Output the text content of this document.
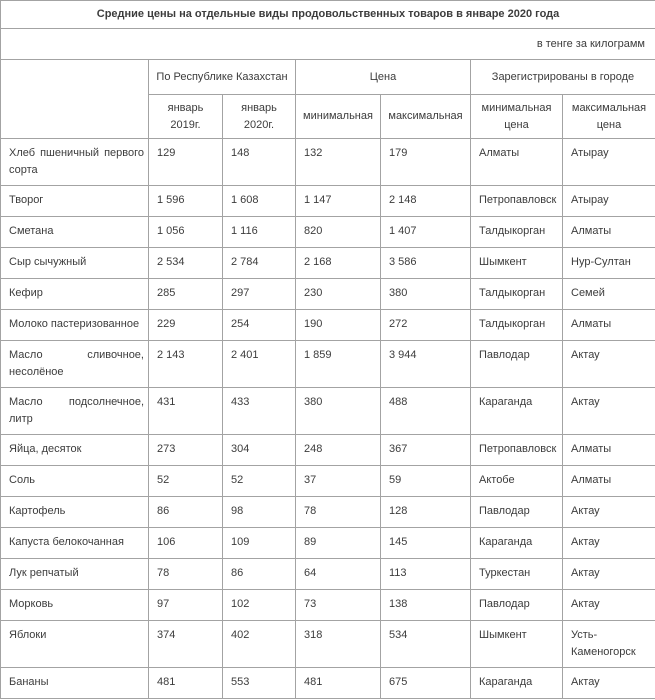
Средние цены на отдельные виды продовольственных товаров в январе 2020 года						
в тенге за килограмм						
	По Республике Казахстан		Цена		Зарегистрированы в городе	
	январь 2019г.	январь 2020г.	минимальная	максимальная	минимальная цена	максимальная цена
Хлеб пшеничный первого сорта	129	148	132	179	Алматы	Атырау
Творог	1 596	1 608	1 147	2 148	Петропавловск	Атырау
Сметана	1 056	1 116	820	1 407	Талдыкорган	Алматы
Сыр сычужный	2 534	2 784	2 168	3 586	Шымкент	Нур-Султан
Кефир	285	297	230	380	Талдыкорган	Семей
Молоко пастеризованное	229	254	190	272	Талдыкорган	Алматы
Масло сливочное, несолёное	2 143	2 401	1 859	3 944	Павлодар	Актау
Масло подсолнечное, литр	431	433	380	488	Караганда	Актау
Яйца, десяток	273	304	248	367	Петропавловск	Алматы
Соль	52	52	37	59	Актобе	Алматы
Картофель	86	98	78	128	Павлодар	Актау
Капуста белокочанная	106	109	89	145	Караганда	Актау
Лук репчатый	78	86	64	113	Туркестан	Актау
Морковь	97	102	73	138	Павлодар	Актау
Яблоки	374	402	318	534	Шымкент	Усть-Каменогорск
Бананы	481	553	481	675	Караганда	Актау
